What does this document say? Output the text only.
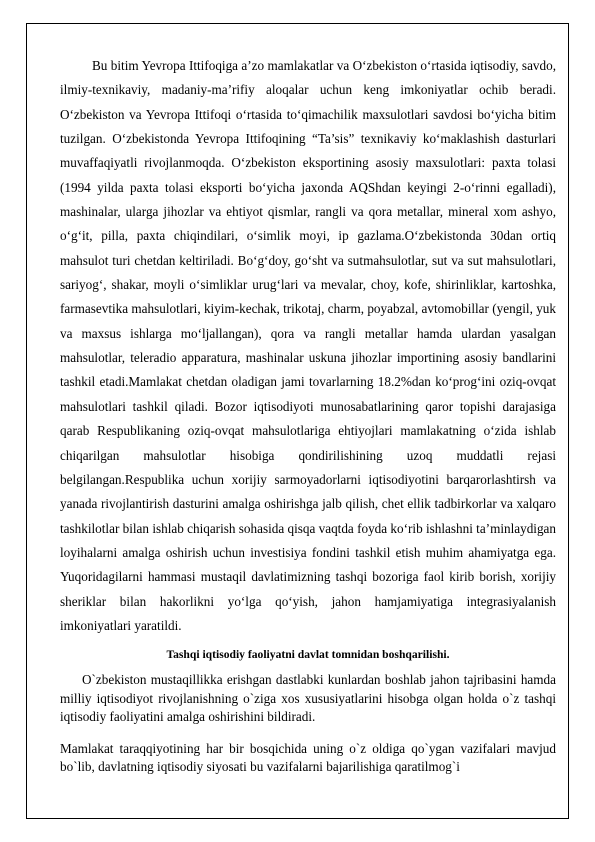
Bu bitim Yevropa Ittifoqiga a’zo mamlakatlar va O‘zbekiston o‘rtasida iqtisodiy, savdo, ilmiy-texnikaviy, madaniy-ma’rifiy aloqalar uchun keng imkoniyatlar ochib beradi. O‘zbekiston va Yevropa Ittifoqi o‘rtasida to‘qimachilik maxsulotlari savdosi bo‘yicha bitim tuzilgan. O‘zbekistonda Yevropa Ittifoqining “Ta’sis” texnikaviy ko‘maklashish dasturlari muvaffaqiyatli rivojlanmoqda. O‘zbekiston eksportining asosiy maxsulotlari: paxta tolasi (1994 yilda paxta tolasi eksporti bo‘yicha jaxonda AQShdan keyingi 2-o‘rinni egalladi), mashinalar, ularga jihozlar va ehtiyot qismlar, rangli va qora metallar, mineral xom ashyo, o‘g‘it, pilla, paxta chiqindilari, o‘simlik moyi, ip gazlama.O‘zbekistonda 30dan ortiq mahsulot turi chetdan keltiriladi. Bo‘g‘doy, go‘sht va sutmahsulotlar, sut va sut mahsulotlari, sariyog‘, shakar, moyli o‘simliklar urug‘lari va mevalar, choy, kofe, shirinliklar, kartoshka, farmasevtika mahsulotlari, kiyim-kechak, trikotaj, charm, poyabzal, avtomobillar (yengil, yuk va maxsus ishlarga mo‘ljallangan), qora va rangli metallar hamda ulardan yasalgan mahsulotlar, teleradio apparatura, mashinalar uskuna jihozlar importining asosiy bandlarini tashkil etadi.Mamlakat chetdan oladigan jami tovarlarning 18.2%dan ko‘prog‘ini oziq-ovqat mahsulotlari tashkil qiladi. Bozor iqtisodiyoti munosabatlarining qaror topishi darajasiga qarab Respublikaning oziq-ovqat mahsulotlariga ehtiyojlari mamlakatning o‘zida ishlab chiqarilgan mahsulotlar hisobiga qondirilishining uzoq muddatli rejasi belgilangan.Respublika uchun xorijiy sarmoyadorlarni iqtisodiyotini barqarorlashtirsh va yanada rivojlantirish dasturini amalga oshirishga jalb qilish, chet ellik tadbirkorlar va xalqaro tashkilotlar bilan ishlab chiqarish sohasida qisqa vaqtda foyda ko‘rib ishlashni ta’minlaydigan loyihalarni amalga oshirish uchun investisiya fondini tashkil etish muhim ahamiyatga ega. Yuqoridagilarni hammasi mustaqil davlatimizning tashqi bozoriga faol kirib borish, xorijiy sheriklar bilan hakorlikni yo‘lga qo‘yish, jahon hamjamiyatiga integrasiyalanish imkoniyatlari yaratildi.

Tashqi iqtisodiy faoliyatni davlat tomnidan boshqarilishi.

O`zbekiston mustaqillikka erishgan dastlabki kunlardan boshlab jahon tajribasini hamda milliy iqtisodiyot rivojlanishning o`ziga xos xususiyatlarini hisobga olgan holda o`z tashqi iqtisodiy faoliyatini amalga oshirishini bildiradi.

Mamlakat taraqqiyotining har bir bosqichida uning o`z oldiga qo`ygan vazifalari mavjud bo`lib, davlatning iqtisodiy siyosati bu vazifalarni bajarilishiga qaratilmog`i
